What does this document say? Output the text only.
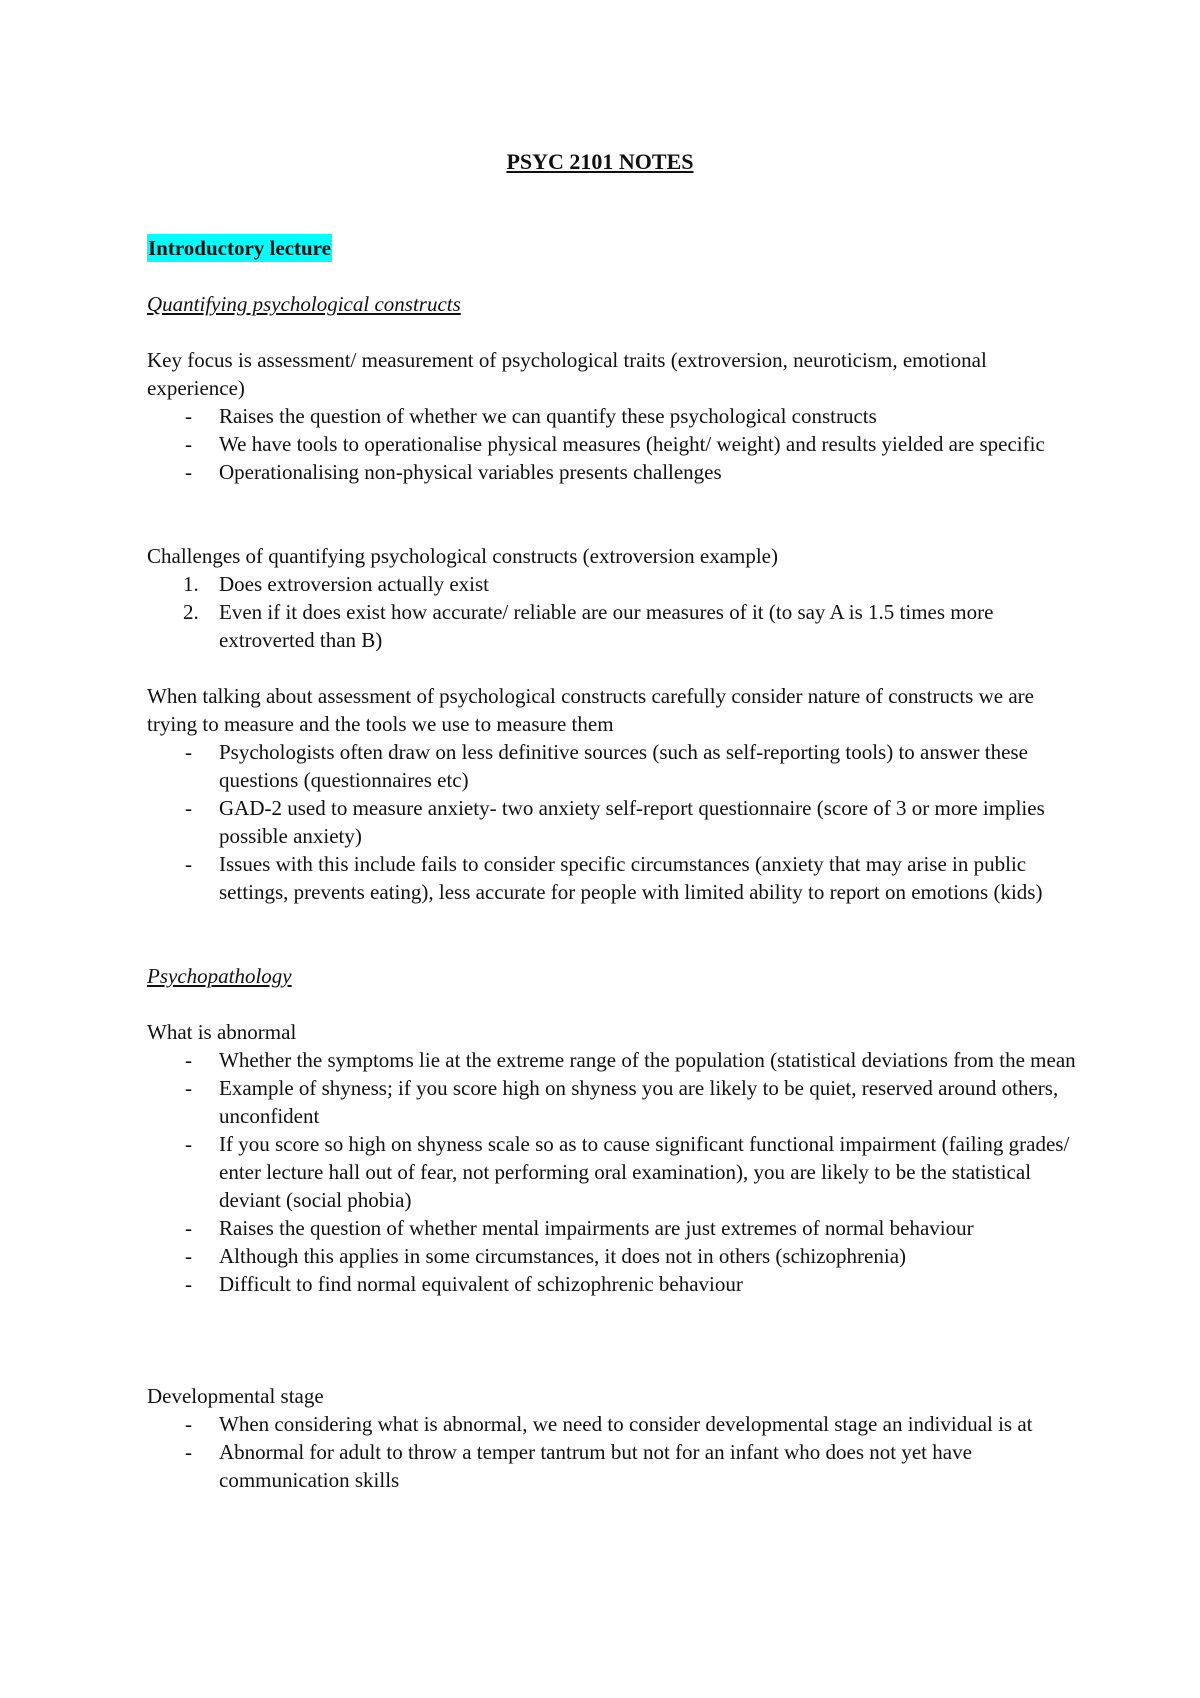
PSYC 2101 NOTES
Introductory lecture
Quantifying psychological constructs
Key focus is assessment/ measurement of psychological traits (extroversion, neuroticism, emotional experience)
- Raises the question of whether we can quantify these psychological constructs
- We have tools to operationalise physical measures (height/ weight) and results yielded are specific
- Operationalising non-physical variables presents challenges
Challenges of quantifying psychological constructs (extroversion example)
1. Does extroversion actually exist
2. Even if it does exist how accurate/ reliable are our measures of it (to say A is 1.5 times more extroverted than B)
When talking about assessment of psychological constructs carefully consider nature of constructs we are trying to measure and the tools we use to measure them
- Psychologists often draw on less definitive sources (such as self-reporting tools) to answer these questions (questionnaires etc)
- GAD-2 used to measure anxiety- two anxiety self-report questionnaire (score of 3 or more implies possible anxiety)
- Issues with this include fails to consider specific circumstances (anxiety that may arise in public settings, prevents eating), less accurate for people with limited ability to report on emotions (kids)
Psychopathology
What is abnormal
- Whether the symptoms lie at the extreme range of the population (statistical deviations from the mean
- Example of shyness; if you score high on shyness you are likely to be quiet, reserved around others, unconfident
- If you score so high on shyness scale so as to cause significant functional impairment (failing grades/ enter lecture hall out of fear, not performing oral examination), you are likely to be the statistical deviant (social phobia)
- Raises the question of whether mental impairments are just extremes of normal behaviour
- Although this applies in some circumstances, it does not in others (schizophrenia)
- Difficult to find normal equivalent of schizophrenic behaviour
Developmental stage
- When considering what is abnormal, we need to consider developmental stage an individual is at
- Abnormal for adult to throw a temper tantrum but not for an infant who does not yet have communication skills
